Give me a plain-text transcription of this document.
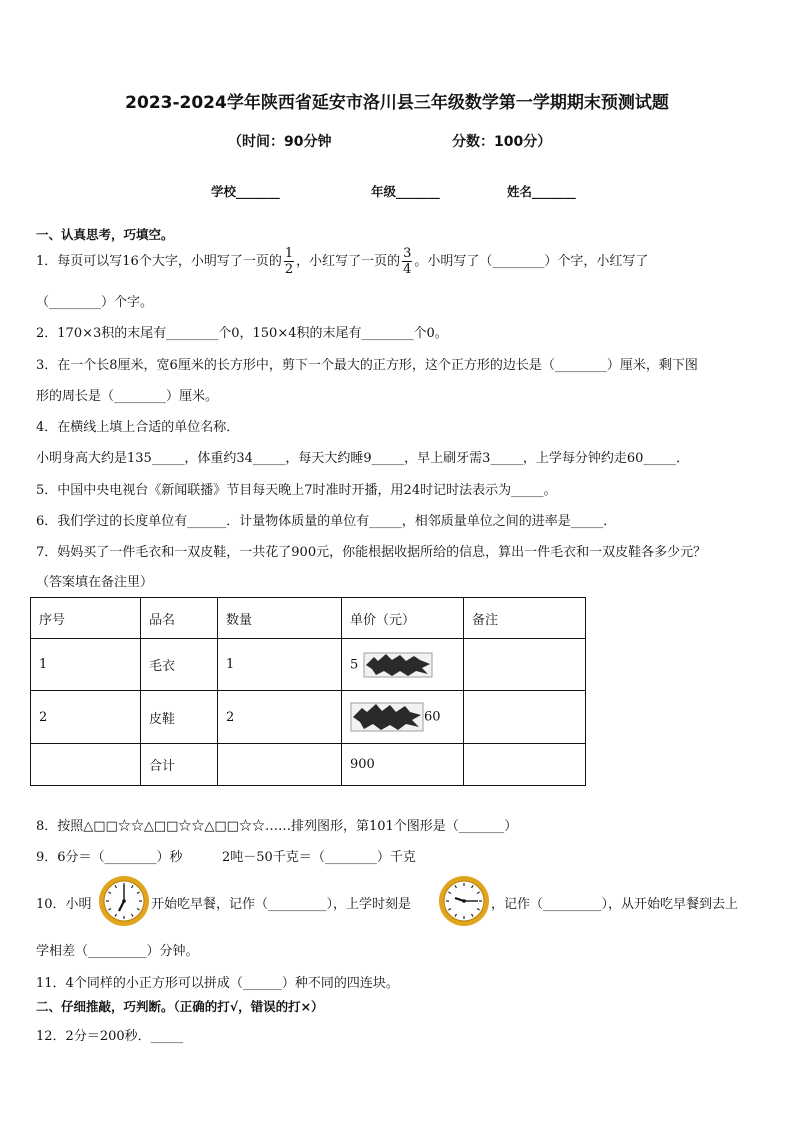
2023-2024学年陕西省延安市洛川县三年级数学第一学期期末预测试题
（时间：90分钟	分数：100分）
学校_______	年级_______	姓名_______
一、认真思考，巧填空。
1．每页可以写16个大字，小明写了一页的 $\frac{1}{2}$ ，小红写了一页的 $\frac{3}{4}$ 。小明写了（________）个字，小红写了
（________）个字。
2．170×3积的末尾有________个0，150×4积的末尾有________个0。
3．在一个长8厘米，宽6厘米的长方形中，剪下一个最大的正方形，这个正方形的边长是（________）厘米，剩下图
形的周长是（________）厘米。
4．在横线上填上合适的单位名称．
小明身高大约是135_____，体重约34_____，每天大约睡9_____，早上刷牙需3_____，上学每分钟约走60_____．
5．中国中央电视台《新闻联播》节目每天晚上7时准时开播，用24时记时法表示为_____。
6．我们学过的长度单位有______．计量物体质量的单位有_____，相邻质量单位之间的进率是_____．
7．妈妈买了一件毛衣和一双皮鞋，一共花了900元，你能根据收据所给的信息，算出一件毛衣和一双皮鞋各多少元？
（答案填在备注里）
序号	品名	数量	单价（元）	备注
1	毛衣	1	5	
2	皮鞋	2	60	
	合计		900	
8．按照△□□☆☆△□□☆☆△□□☆☆……排列图形，第101个图形是（_______）
9．6分＝（________）秒	2吨－50千克＝（________）千克
10．小明	开始吃早餐，记作（_________），上学时刻是	，记作（_________），从开始吃早餐到去上
学相差（_________）分钟。
11．4个同样的小正方形可以拼成（______）种不同的四连块。
二、仔细推敲，巧判断。（正确的打√，错误的打×）
12．2分＝200秒．_____
